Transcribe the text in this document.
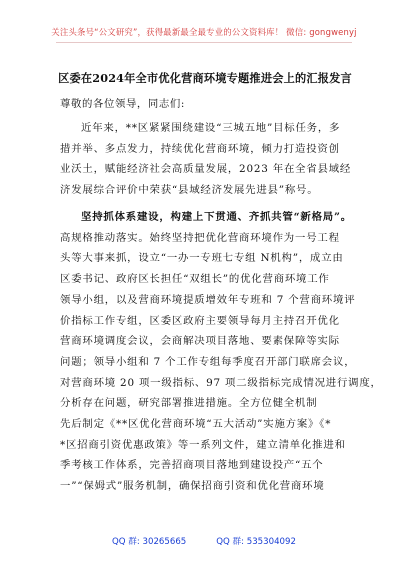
关注头条号“公文研究”，获得最新最全最专业的公文资料库！ 微信: gongwenyj
区委在2024年全市优化营商环境专题推进会上的汇报发言
尊敬的各位领导，同志们:
近年来，**区紧紧围绕建设“三城五地”目标任务，多
措并举、多点发力，持续优化营商环境，倾力打造投资创
业沃土，赋能经济社会高质量发展，2023 年在全省县域经
济发展综合评价中荣获“县域经济发展先进县”称号。
坚持抓体系建设，构建上下贯通、齐抓共管“新格局”。
高规格推动落实。始终坚持把优化营商环境作为一号工程
头等大事来抓，设立“一办一专班七专组 N机构”，成立由
区委书记、政府区长担任“双组长”的优化营商环境工作
领导小组，以及营商环境提质增效年专班和 7 个营商环境评
价指标工作专组，区委区政府主要领导每月主持召开优化
营商环境调度会议，会商解决项目落地、要素保障等实际
问题；领导小组和 7 个工作专组每季度召开部门联席会议，
对营商环境 20 项一级指标、97 项二级指标完成情况进行调度，
分析存在问题，研究部署推进措施。全方位健全机制
先后制定《**区优化营商环境“五大活动”实施方案》《*
*区招商引资优惠政策》等一系列文件，建立清单化推进和
季考核工作体系，完善招商项目落地到建设投产“五个
一”“保姆式”服务机制，确保招商引资和优化营商环境
QQ 群: 30265665	QQ 群: 535304092
